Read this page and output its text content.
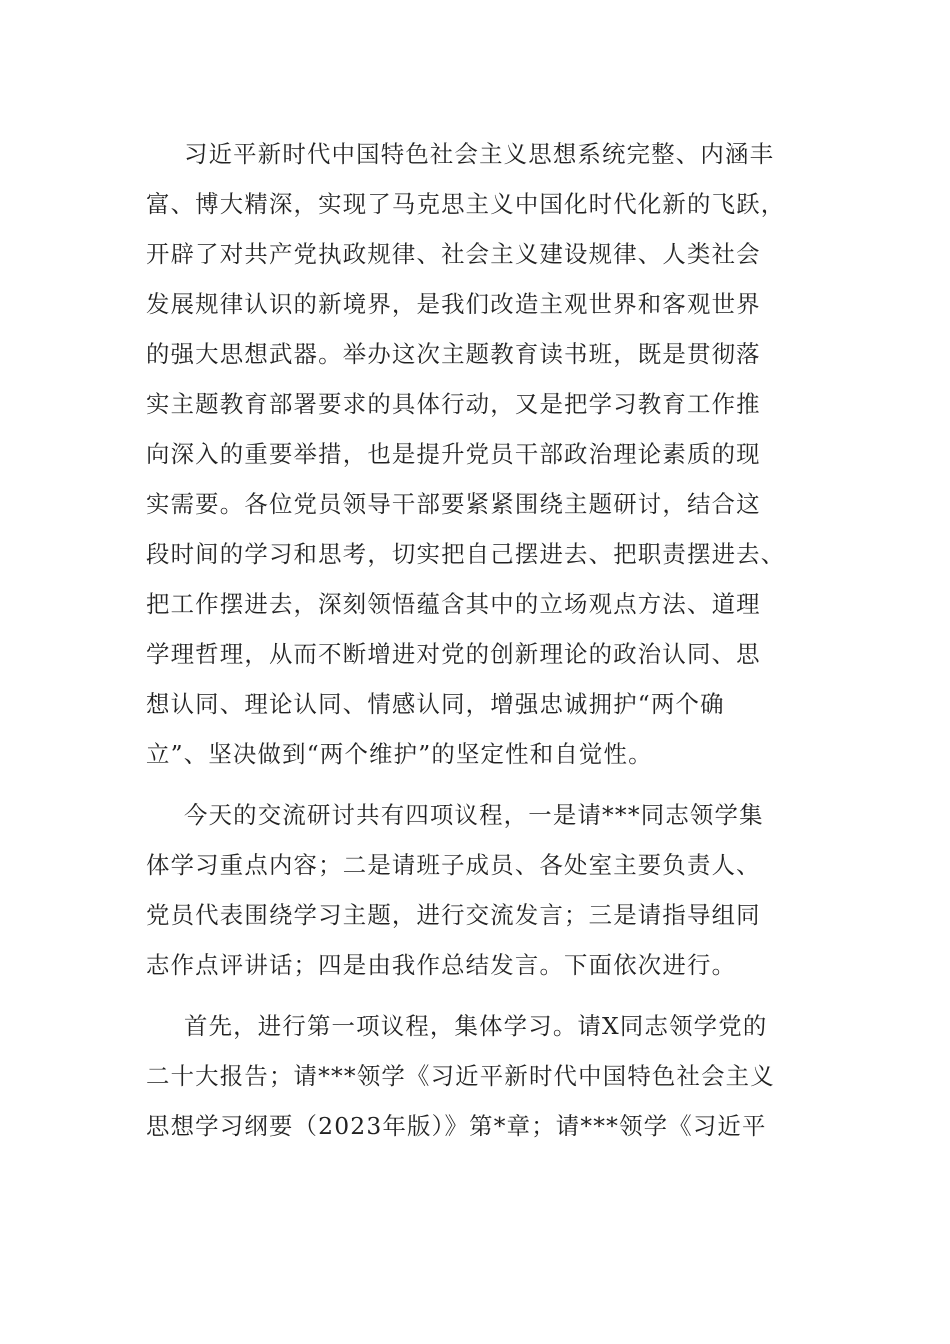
习近平新时代中国特色社会主义思想系统完整、内涵丰
富、博大精深，实现了马克思主义中国化时代化新的飞跃，
开辟了对共产党执政规律、社会主义建设规律、人类社会
发展规律认识的新境界，是我们改造主观世界和客观世界
的强大思想武器。举办这次主题教育读书班，既是贯彻落
实主题教育部署要求的具体行动，又是把学习教育工作推
向深入的重要举措，也是提升党员干部政治理论素质的现
实需要。各位党员领导干部要紧紧围绕主题研讨，结合这
段时间的学习和思考，切实把自己摆进去、把职责摆进去、
把工作摆进去，深刻领悟蕴含其中的立场观点方法、道理
学理哲理，从而不断增进对党的创新理论的政治认同、思
想认同、理论认同、情感认同，增强忠诚拥护“两个确
立”、坚决做到“两个维护”的坚定性和自觉性。
今天的交流研讨共有四项议程，一是请***同志领学集
体学习重点内容；二是请班子成员、各处室主要负责人、
党员代表围绕学习主题，进行交流发言；三是请指导组同
志作点评讲话；四是由我作总结发言。下面依次进行。
首先，进行第一项议程，集体学习。请X同志领学党的
二十大报告；请***领学《习近平新时代中国特色社会主义
思想学习纲要（2023年版）》第*章；请***领学《习近平
